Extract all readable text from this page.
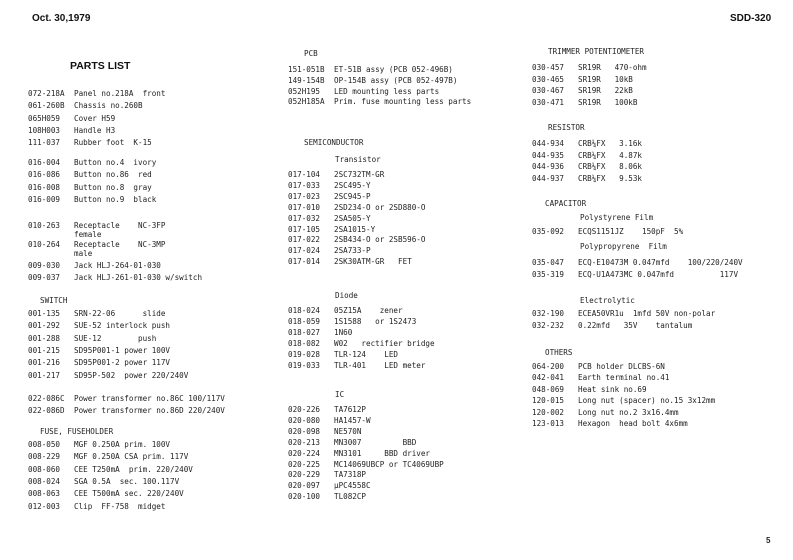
Oct. 30,1979	SDD-320
5
PARTS LIST
072-218A Panel no.218A  front
061-260B Chassis no.260B
065H059 Cover H59
108H003 Handle H3
111-037 Rubber foot  K-15
016-004 Button no.4  ivory
016-086 Button no.86  red
016-008 Button no.8  gray
016-009 Button no.9  black
010-263 Receptacle    NC-3FP
female
010-264 Receptacle    NC-3MP
male
009-030 Jack HLJ-264-01-030
009-037 Jack HLJ-261-01-030 w/switch
SWITCH
001-135 SRN-22-06      slide
001-292 SUE-52 interlock push
001-288 SUE-12        push
001-215 SD95P001-1 power 100V
001-216 SD95P001-2 power 117V
001-217 SD95P-502  power 220/240V
022-086C Power transformer no.86C 100/117V
022-086D Power transformer no.86D 220/240V
FUSE, FUSEHOLDER
008-050 MGF 0.250A prim. 100V
008-229 MGF 0.250A CSA prim. 117V
008-060 CEE T250mA  prim. 220/240V
008-024 SGA 0.5A  sec. 100.117V
008-063 CEE T500mA sec. 220/240V
012-003 Clip  FF-758  midget
PCB
151-051B ET-51B assy (PCB 052-496B)
149-154B OP-154B assy (PCB 052-497B)
052H195 LED mounting less parts
052H185A Prim. fuse mounting less parts
SEMICONDUCTOR
Transistor
017-104 2SC732TM-GR
017-033 2SC495-Y
017-023 2SC945-P
017-010 2SD234-O or 2SD880-O
017-032 2SA505-Y
017-105 2SA1015-Y
017-022 2SB434-O or 2SB596-O
017-024 2SA733-P
017-014 2SK30ATM-GR   FET
Diode
018-024 05Z15A    zener
018-059 1S1588   or 1S2473
018-027 1N60
018-082 W02   rectifier bridge
019-028 TLR-124    LED
019-033 TLR-401    LED meter
IC
020-226 TA7612P
020-080 HA1457-W
020-098 NE570N
020-213 MN3007         BBD
020-224 MN3101     BBD driver
020-225 MC14069UBCP or TC4069UBP
020-229 TA7318P
020-097 µPC4558C
020-100 TL082CP
TRIMMER POTENTIOMETER
030-457 SR19R   470-ohm
030-465 SR19R   10kB
030-467 SR19R   22kB
030-471 SR19R   100kB
RESISTOR
044-934 CRB¼FX   3.16k
044-935 CRB¼FX   4.87k
044-936 CRB¼FX   8.06k
044-937 CRB¼FX   9.53k
CAPACITOR
Polystyrene Film
035-092 ECQS1151JZ    150pF  5%
Polypropyrene  Film
035-047 ECQ-E10473M 0.047mfd    100/220/240V
035-319 ECQ-U1A473MC 0.047mfd          117V
Electrolytic
032-190 ECEA50VR1u  1mfd 50V non-polar
032-232 0.22mfd   35V    tantalum
OTHERS
064-200 PCB holder DLCBS-6N
042-041 Earth terminal no.41
048-069 Heat sink no.69
120-015 Long nut (spacer) no.15 3x12mm
120-002 Long nut no.2 3x16.4mm
123-013 Hexagon  head bolt 4x6mm
